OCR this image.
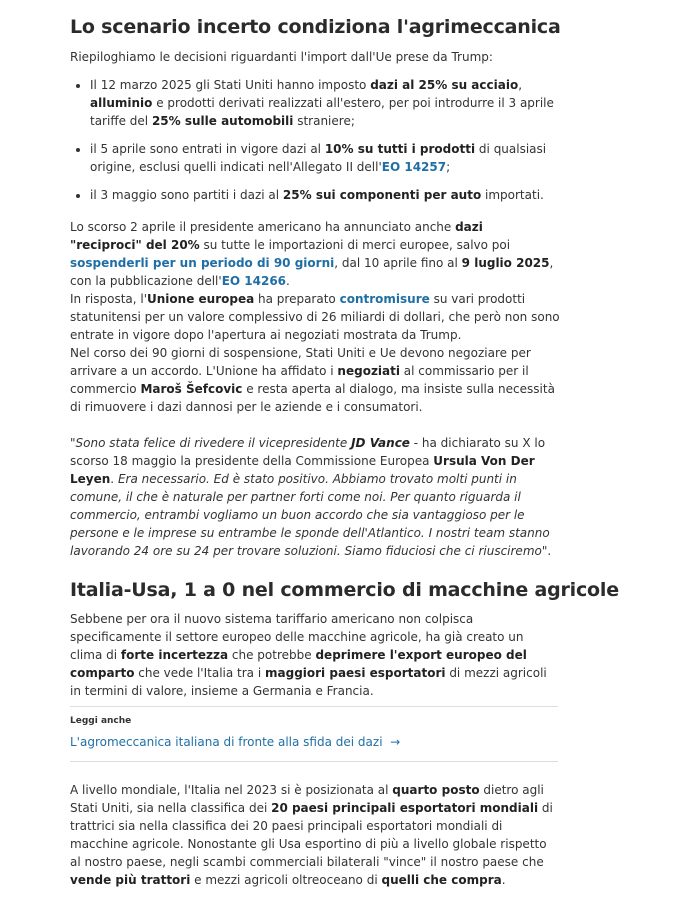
Lo scenario incerto condiziona l'agrimeccanica

Riepiloghiamo le decisioni riguardanti l'import dall'Ue prese da Trump:

• Il 12 marzo 2025 gli Stati Uniti hanno imposto dazi al 25% su acciaio, alluminio e prodotti derivati realizzati all'estero, per poi introdurre il 3 aprile tariffe del 25% sulle automobili straniere;
• il 5 aprile sono entrati in vigore dazi al 10% su tutti i prodotti di qualsiasi origine, esclusi quelli indicati nell'Allegato II dell'EO 14257;
• il 3 maggio sono partiti i dazi al 25% sui componenti per auto importati.

Lo scorso 2 aprile il presidente americano ha annunciato anche dazi "reciproci" del 20% su tutte le importazioni di merci europee, salvo poi sospenderli per un periodo di 90 giorni, dal 10 aprile fino al 9 luglio 2025, con la pubblicazione dell'EO 14266.

In risposta, l'Unione europea ha preparato contromisure su vari prodotti statunitensi per un valore complessivo di 26 miliardi di dollari, che però non sono entrate in vigore dopo l'apertura ai negoziati mostrata da Trump.
Nel corso dei 90 giorni di sospensione, Stati Uniti e Ue devono negoziare per arrivare a un accordo. L'Unione ha affidato i negoziati al commissario per il commercio Maroš Šefcovic e resta aperta al dialogo, ma insiste sulla necessità di rimuovere i dazi dannosi per le aziende e i consumatori.

"Sono stata felice di rivedere il vicepresidente JD Vance - ha dichiarato su X lo scorso 18 maggio la presidente della Commissione Europea Ursula Von Der Leyen. Era necessario. Ed è stato positivo. Abbiamo trovato molti punti in comune, il che è naturale per partner forti come noi. Per quanto riguarda il commercio, entrambi vogliamo un buon accordo che sia vantaggioso per le persone e le imprese su entrambe le sponde dell'Atlantico. I nostri team stanno lavorando 24 ore su 24 per trovare soluzioni. Siamo fiduciosi che ci riusciremo".

Italia-Usa, 1 a 0 nel commercio di macchine agricole

Sebbene per ora il nuovo sistema tariffario americano non colpisca specificamente il settore europeo delle macchine agricole, ha già creato un clima di forte incertezza che potrebbe deprimere l'export europeo del comparto che vede l'Italia tra i maggiori paesi esportatori di mezzi agricoli in termini di valore, insieme a Germania e Francia.

Leggi anche
L'agromeccanica italiana di fronte alla sfida dei dazi →

A livello mondiale, l'Italia nel 2023 si è posizionata al quarto posto dietro agli Stati Uniti, sia nella classifica dei 20 paesi principali esportatori mondiali di trattrici sia nella classifica dei 20 paesi principali esportatori mondiali di macchine agricole. Nonostante gli Usa esportino di più a livello globale rispetto al nostro paese, negli scambi commerciali bilaterali "vince" il nostro paese che vende più trattori e mezzi agricoli oltreoceano di quelli che compra.
